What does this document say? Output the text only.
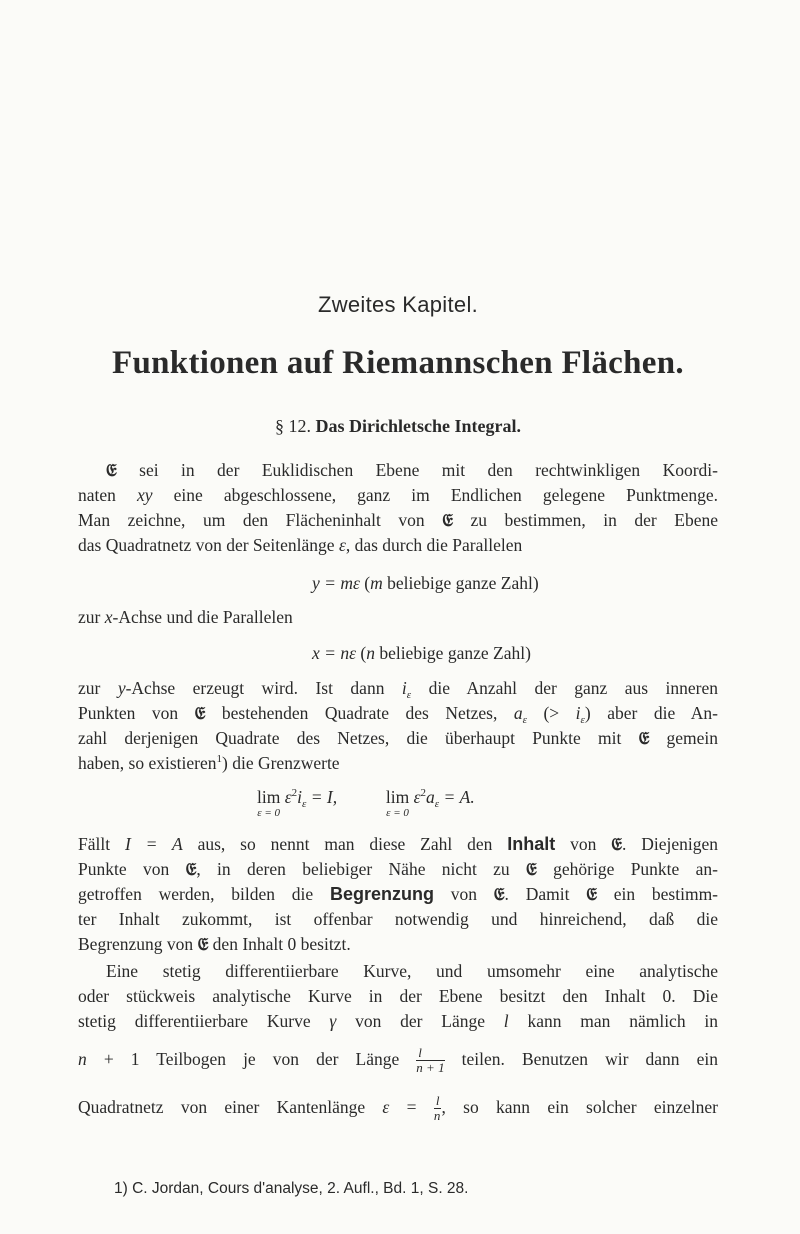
Zweites Kapitel.
Funktionen auf Riemannschen Flächen.
§ 12. Das Dirichletsche Integral.
𝔈 sei in der Euklidischen Ebene mit den rechtwinkligen Koordi-
naten xy eine abgeschlossene, ganz im Endlichen gelegene Punktmenge.
Man zeichne, um den Flächeninhalt von 𝔈 zu bestimmen, in der Ebene
das Quadratnetz von der Seitenlänge ε, das durch die Parallelen
y = mε (m beliebige ganze Zahl)
zur x-Achse und die Parallelen
x = nε (n beliebige ganze Zahl)
zur y-Achse erzeugt wird. Ist dann $i_\varepsilon$ die Anzahl der ganz aus inneren
Punkten von 𝔈 bestehenden Quadrate des Netzes, $a_\varepsilon$ (> $i_\varepsilon$) aber die An-
zahl derjenigen Quadrate des Netzes, die überhaupt Punkte mit 𝔈 gemein
haben, so existieren$^1$) die Grenzwerte
lim
ε = 0
$\varepsilon^2i_\varepsilon = I$,	lim
ε = 0
$\varepsilon^2a_\varepsilon = A$.
Fällt I = A aus, so nennt man diese Zahl den Inhalt von 𝔈. Diejenigen
Punkte von 𝔈, in deren beliebiger Nähe nicht zu 𝔈 gehörige Punkte an-
getroffen werden, bilden die Begrenzung von 𝔈. Damit 𝔈 ein bestimm-
ter Inhalt zukommt, ist offenbar notwendig und hinreichend, daß die
Begrenzung von 𝔈 den Inhalt 0 besitzt.
Eine stetig differentiierbare Kurve, und umsomehr eine analytische
oder stückweis analytische Kurve in der Ebene besitzt den Inhalt 0. Die
stetig differentiierbare Kurve γ von der Länge l kann man nämlich in
n + 1 Teilbogen je von der Länge $\frac{l}{n + 1}$ teilen. Benutzen wir dann ein
Quadratnetz von einer Kantenlänge $\varepsilon = \frac{l}{n}$ , so kann ein solcher einzelner
1) C. Jordan, Cours d'analyse, 2. Aufl., Bd. 1, S. 28.
